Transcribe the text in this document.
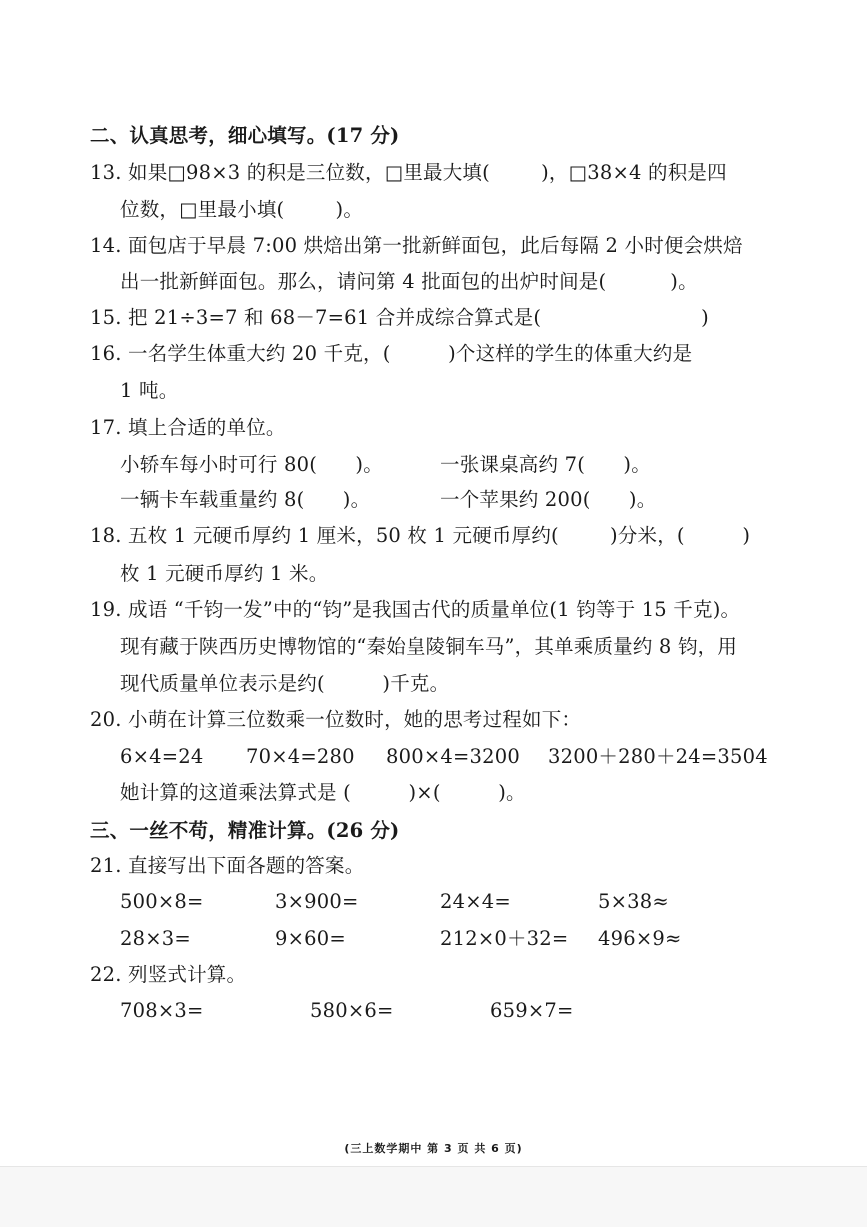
二、认真思考，细心填写。(17 分)
13. 如果□98×3 的积是三位数，□里最大填(        )，□38×4 的积是四
位数，□里最小填(        )。
14. 面包店于早晨 7:00 烘焙出第一批新鲜面包，此后每隔 2 小时便会烘焙
出一批新鲜面包。那么，请问第 4 批面包的出炉时间是(          )。
15. 把 21÷3=7 和 68－7=61 合并成综合算式是(                         )
16. 一名学生体重大约 20 千克，(         )个这样的学生的体重大约是
1 吨。
17. 填上合适的单位。
小轿车每小时可行 80(      )。	一张课桌高约 7(      )。
一辆卡车载重量约 8(      )。	一个苹果约 200(      )。
18. 五枚 1 元硬币厚约 1 厘米，50 枚 1 元硬币厚约(        )分米，(         )
枚 1 元硬币厚约 1 米。
19. 成语 “千钧一发”中的“钧”是我国古代的质量单位(1 钧等于 15 千克)。
现有藏于陕西历史博物馆的“秦始皇陵铜车马”，其单乘质量约 8 钧，用
现代质量单位表示是约(         )千克。
20. 小萌在计算三位数乘一位数时，她的思考过程如下：
6×4=24 70×4=280 800×4=3200 3200＋280＋24=3504
她计算的这道乘法算式是 (         )×(         )。
三、一丝不苟，精准计算。(26 分)
21. 直接写出下面各题的答案。
500×8=	3×900=	24×4=	5×38≈
28×3=	9×60=	212×0＋32= 496×9≈
22. 列竖式计算。
708×3=	580×6=	659×7=
(三上数学期中 第 3 页 共 6 页)
